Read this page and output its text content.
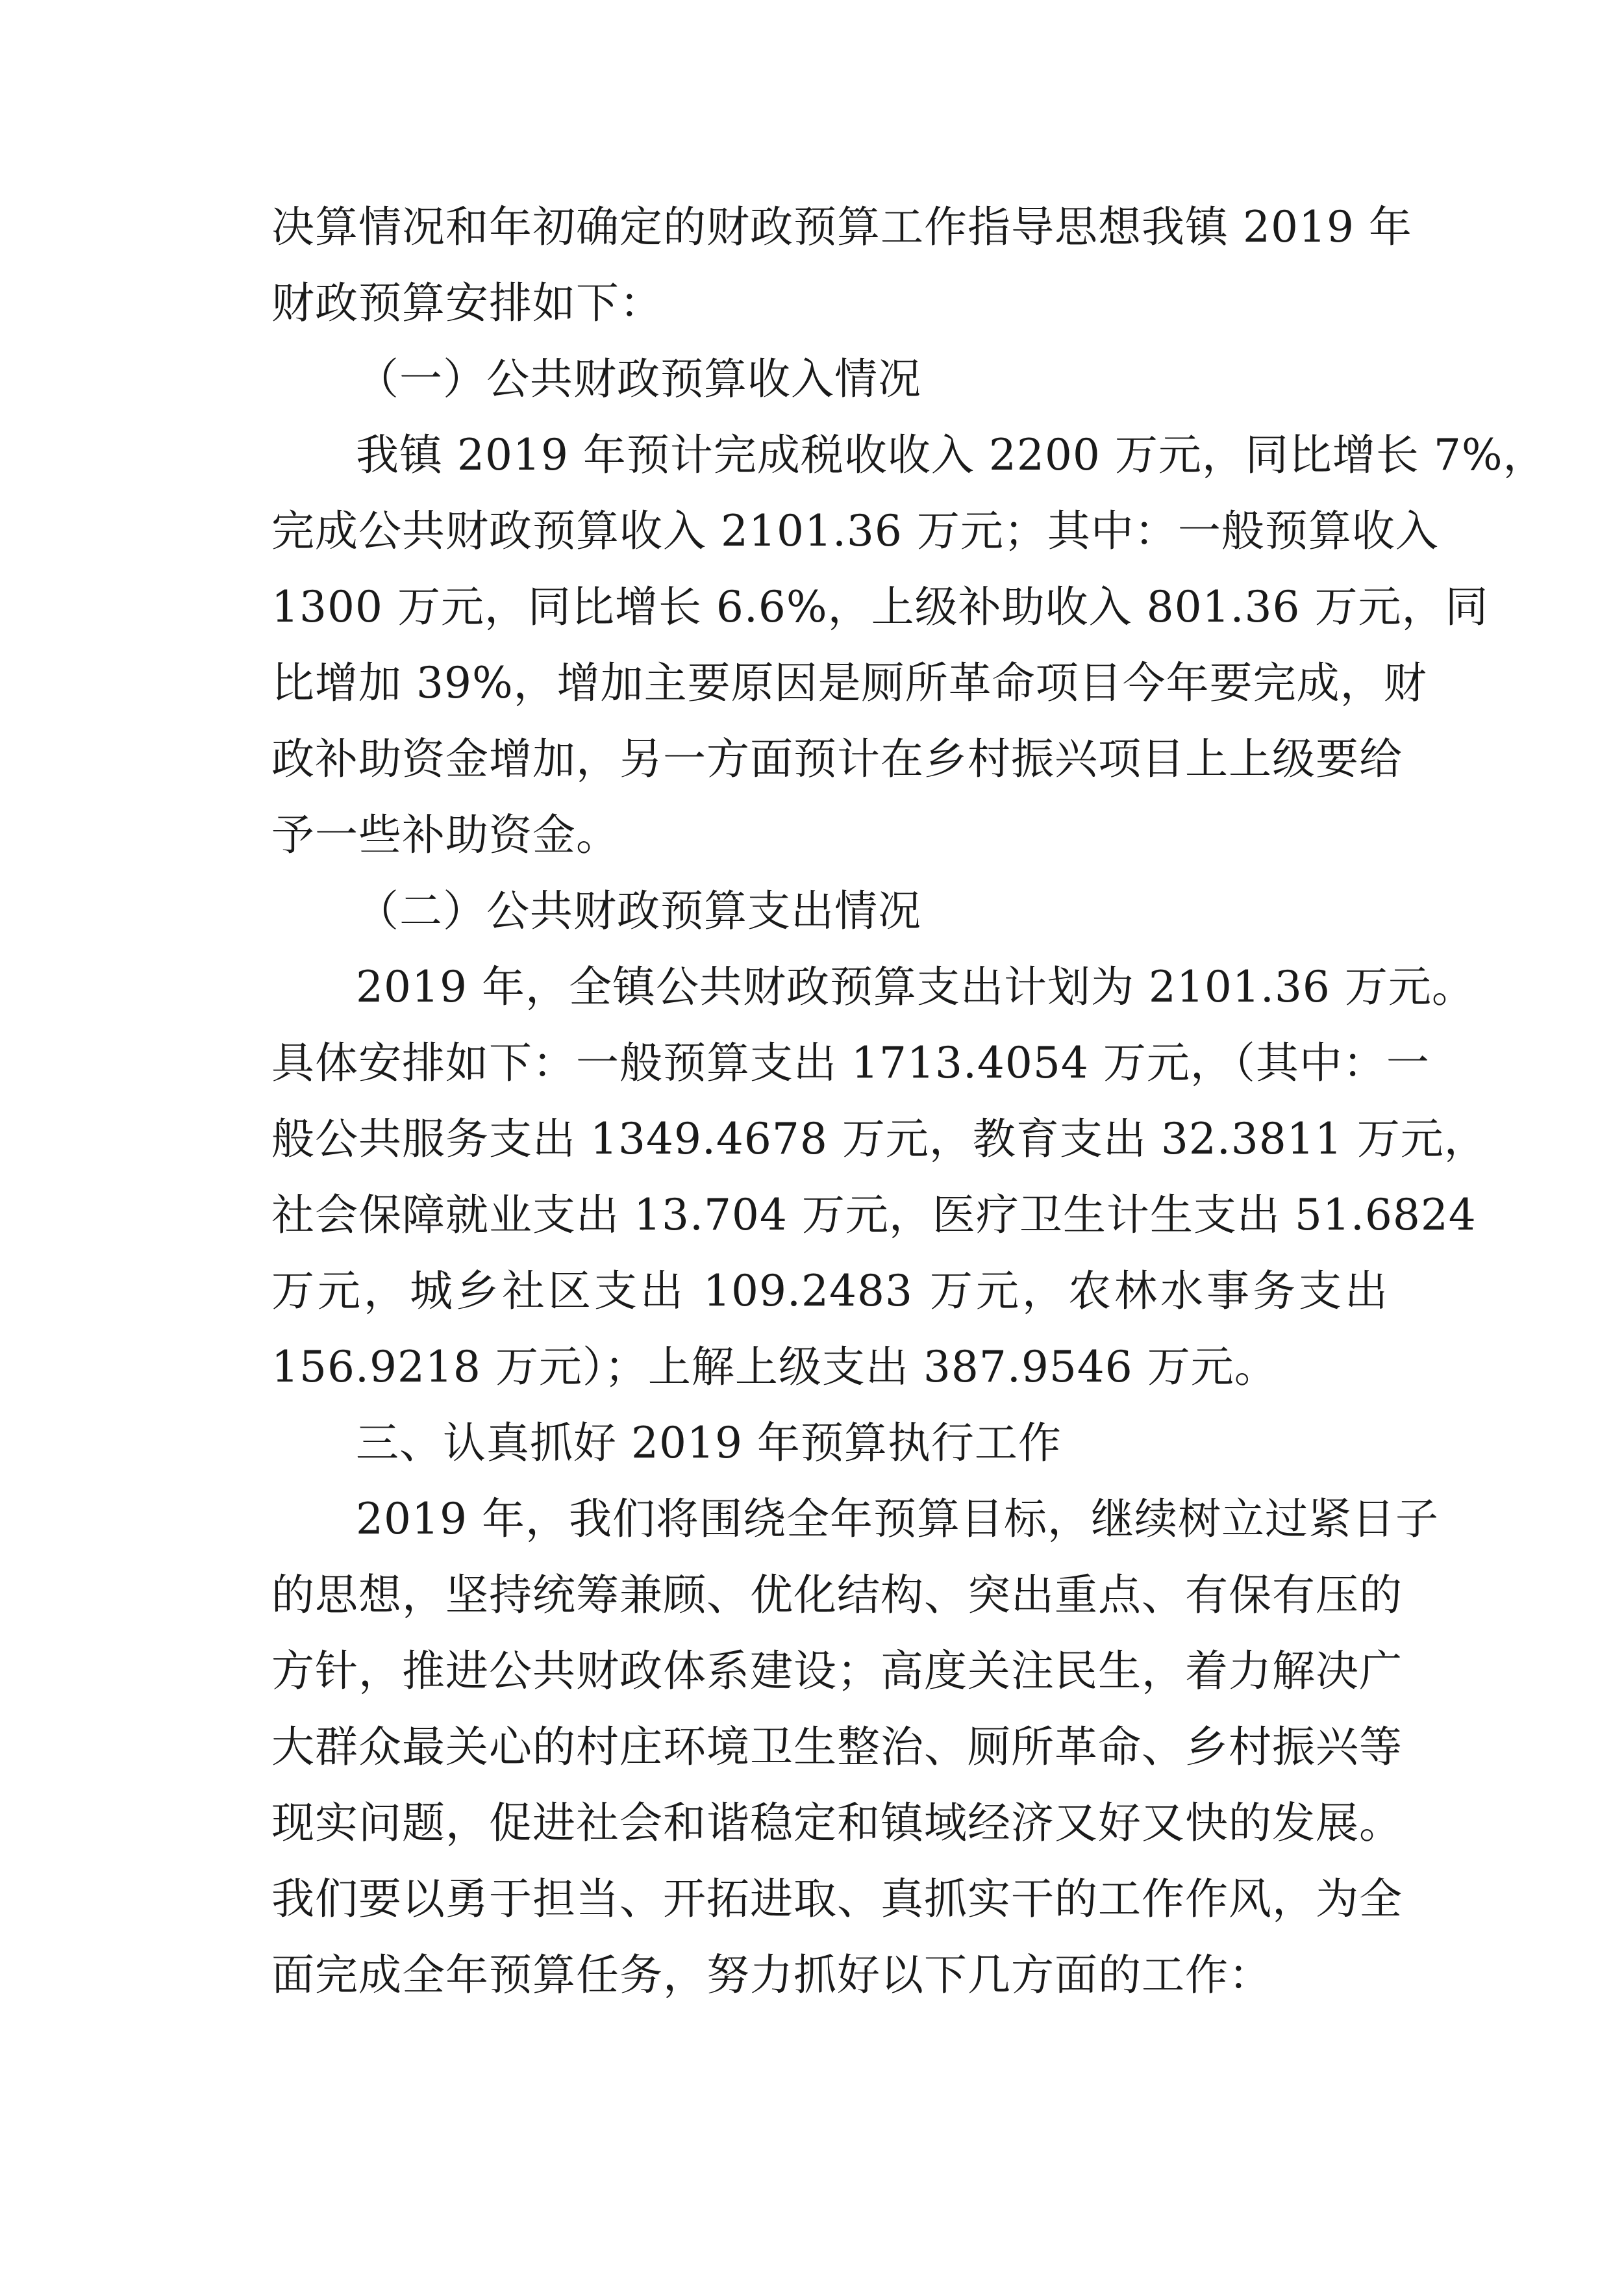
决算情况和年初确定的财政预算工作指导思想我镇 2019 年
财政预算安排如下：
（一）公共财政预算收入情况
我镇 2019 年预计完成税收收入 2200 万元，同比增长 7%，
完成公共财政预算收入 2101.36 万元；其中：一般预算收入
1300 万元，同比增长 6.6%，上级补助收入 801.36 万元，同
比增加 39%，增加主要原因是厕所革命项目今年要完成，财
政补助资金增加，另一方面预计在乡村振兴项目上上级要给
予一些补助资金。
（二）公共财政预算支出情况
2019 年，全镇公共财政预算支出计划为 2101.36 万元。
具体安排如下：一般预算支出 1713.4054 万元，（其中：一
般公共服务支出 1349.4678 万元，教育支出 32.3811 万元，
社会保障就业支出 13.704 万元，医疗卫生计生支出 51.6824
万元，城乡社区支出 109.2483 万元，农林水事务支出
156.9218 万元）；上解上级支出 387.9546 万元。
三、认真抓好 2019 年预算执行工作
2019 年，我们将围绕全年预算目标，继续树立过紧日子
的思想，坚持统筹兼顾、优化结构、突出重点、有保有压的
方针，推进公共财政体系建设；高度关注民生，着力解决广
大群众最关心的村庄环境卫生整治、厕所革命、乡村振兴等
现实问题，促进社会和谐稳定和镇域经济又好又快的发展。
我们要以勇于担当、开拓进取、真抓实干的工作作风，为全
面完成全年预算任务，努力抓好以下几方面的工作：
